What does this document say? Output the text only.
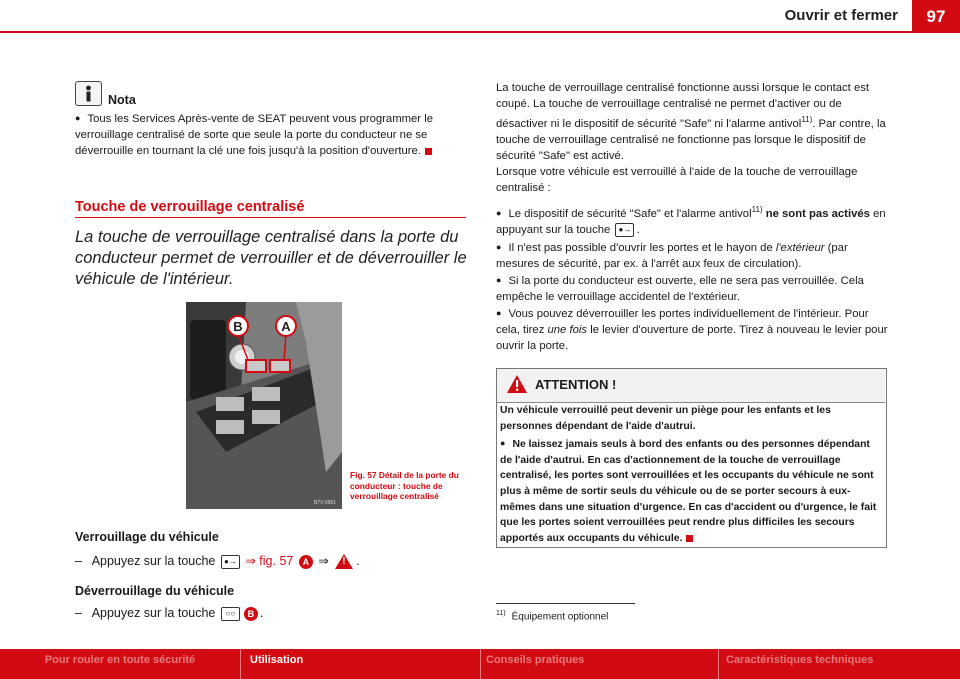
Ouvrir et fermer	97
Nota
● Tous les Services Après-vente de SEAT peuvent vous programmer le verrouillage centralisé de sorte que seule la porte du conducteur ne se déverrouille en tournant la clé une fois jusqu'à la position d'ouverture.
Touche de verrouillage centralisé
La touche de verrouillage centralisé dans la porte du conducteur permet de verrouiller et de déverrouiller le véhicule de l'intérieur.
B	A
B7V-0561
Fig. 57 Détail de la porte du conducteur : touche de verrouillage centralisé
Verrouillage du véhicule
– Appuyez sur la touche ●→ ⇒ fig. 57 A ⇒ ! .
Déverrouillage du véhicule
– Appuyez sur la touche ○○ B .
La touche de verrouillage centralisé fonctionne aussi lorsque le contact est coupé. La touche de verrouillage centralisé ne permet d'activer ou de désactiver ni le dispositif de sécurité "Safe" ni l'alarme antivol$^{11)}$. Par contre, la touche de verrouillage centralisé ne fonctionne pas lorsque le dispositif de sécurité "Safe" est activé.
Lorsque votre véhicule est verrouillé à l'aide de la touche de verrouillage centralisé :
● Le dispositif de sécurité "Safe" et l'alarme antivol$^{11)}$ ne sont pas activés en appuyant sur la touche ●→ .
● Il n'est pas possible d'ouvrir les portes et le hayon de l'extérieur (par mesures de sécurité, par ex. à l'arrêt aux feux de circulation).
● Si la porte du conducteur est ouverte, elle ne sera pas verrouillée. Cela empêche le verrouillage accidentel de l'extérieur.
● Vous pouvez déverrouiller les portes individuellement de l'intérieur. Pour cela, tirez une fois le levier d'ouverture de porte. Tirez à nouveau le levier pour ouvrir la porte.
ATTENTION !
Un véhicule verrouillé peut devenir un piège pour les enfants et les personnes dépendant de l'aide d'autrui.
● Ne laissez jamais seuls à bord des enfants ou des personnes dépendant de l'aide d'autrui. En cas d'actionnement de la touche de verrouillage centralisé, les portes sont verrouillées et les occupants du véhicule ne sont plus à même de sortir seuls du véhicule ou de se porter secours à eux-mêmes dans une situation d'urgence. En cas d'accident ou d'urgence, le fait que les portes soient verrouillées peut rendre plus difficiles les secours apportés aux occupants du véhicule.
$^{11)}$ Équipement optionnel
Pour rouler en toute sécurité	Utilisation	Conseils pratiques	Caractéristiques techniques
